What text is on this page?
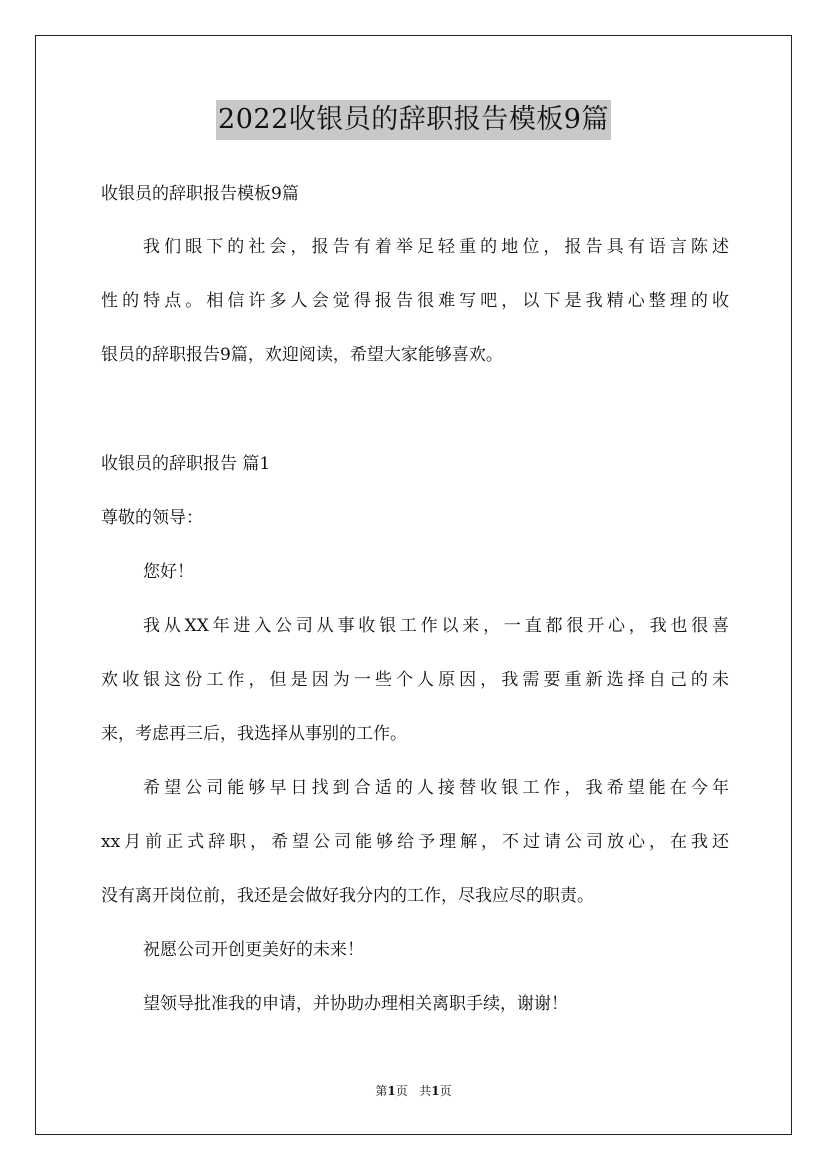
2022收银员的辞职报告模板9篇
收银员的辞职报告模板9篇
我们眼下的社会，报告有着举足轻重的地位，报告具有语言陈述
性的特点。相信许多人会觉得报告很难写吧，以下是我精心整理的收
银员的辞职报告9篇，欢迎阅读，希望大家能够喜欢。
收银员的辞职报告 篇1
尊敬的领导：
您好！
我从XX年进入公司从事收银工作以来，一直都很开心，我也很喜
欢收银这份工作，但是因为一些个人原因，我需要重新选择自己的未
来，考虑再三后，我选择从事别的工作。
希望公司能够早日找到合适的人接替收银工作，我希望能在今年
xx月前正式辞职，希望公司能够给予理解，不过请公司放心，在我还
没有离开岗位前，我还是会做好我分内的工作，尽我应尽的职责。
祝愿公司开创更美好的未来！
望领导批准我的申请，并协助办理相关离职手续，谢谢！
第1页 共1页
